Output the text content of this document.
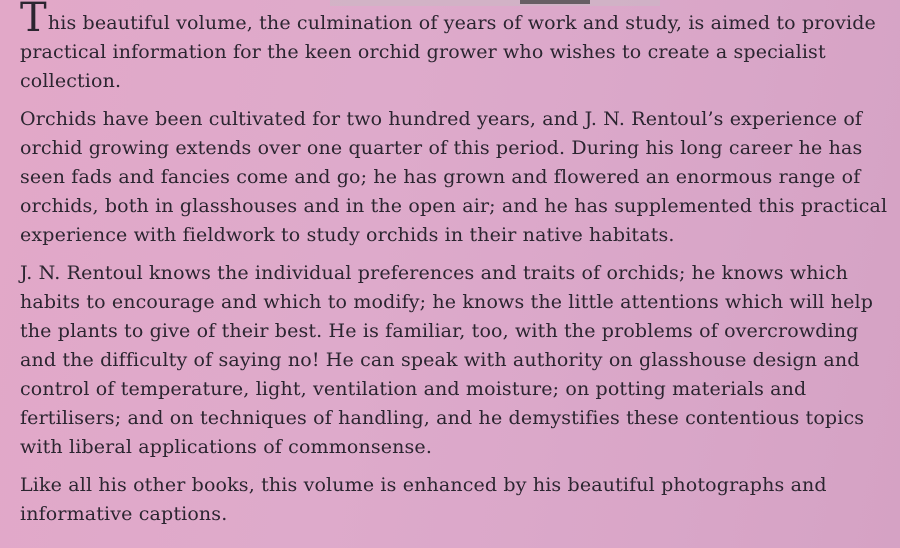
This beautiful volume, the culmination of years of work and study, is aimed to provide practical information for the keen orchid grower who wishes to create a specialist collection.

Orchids have been cultivated for two hundred years, and J. N. Rentoul’s experience of orchid growing extends over one quarter of this period. During his long career he has seen fads and fancies come and go; he has grown and flowered an enormous range of orchids, both in glasshouses and in the open air; and he has supplemented this practical experience with fieldwork to study orchids in their native habitats.

J. N. Rentoul knows the individual preferences and traits of orchids; he knows which habits to encourage and which to modify; he knows the little attentions which will help the plants to give of their best. He is familiar, too, with the problems of overcrowding and the difficulty of saying no! He can speak with authority on glasshouse design and control of temperature, light, ventilation and moisture; on potting materials and fertilisers; and on techniques of handling, and he demystifies these contentious topics with liberal applications of commonsense.

Like all his other books, this volume is enhanced by his beautiful photographs and informative captions.
